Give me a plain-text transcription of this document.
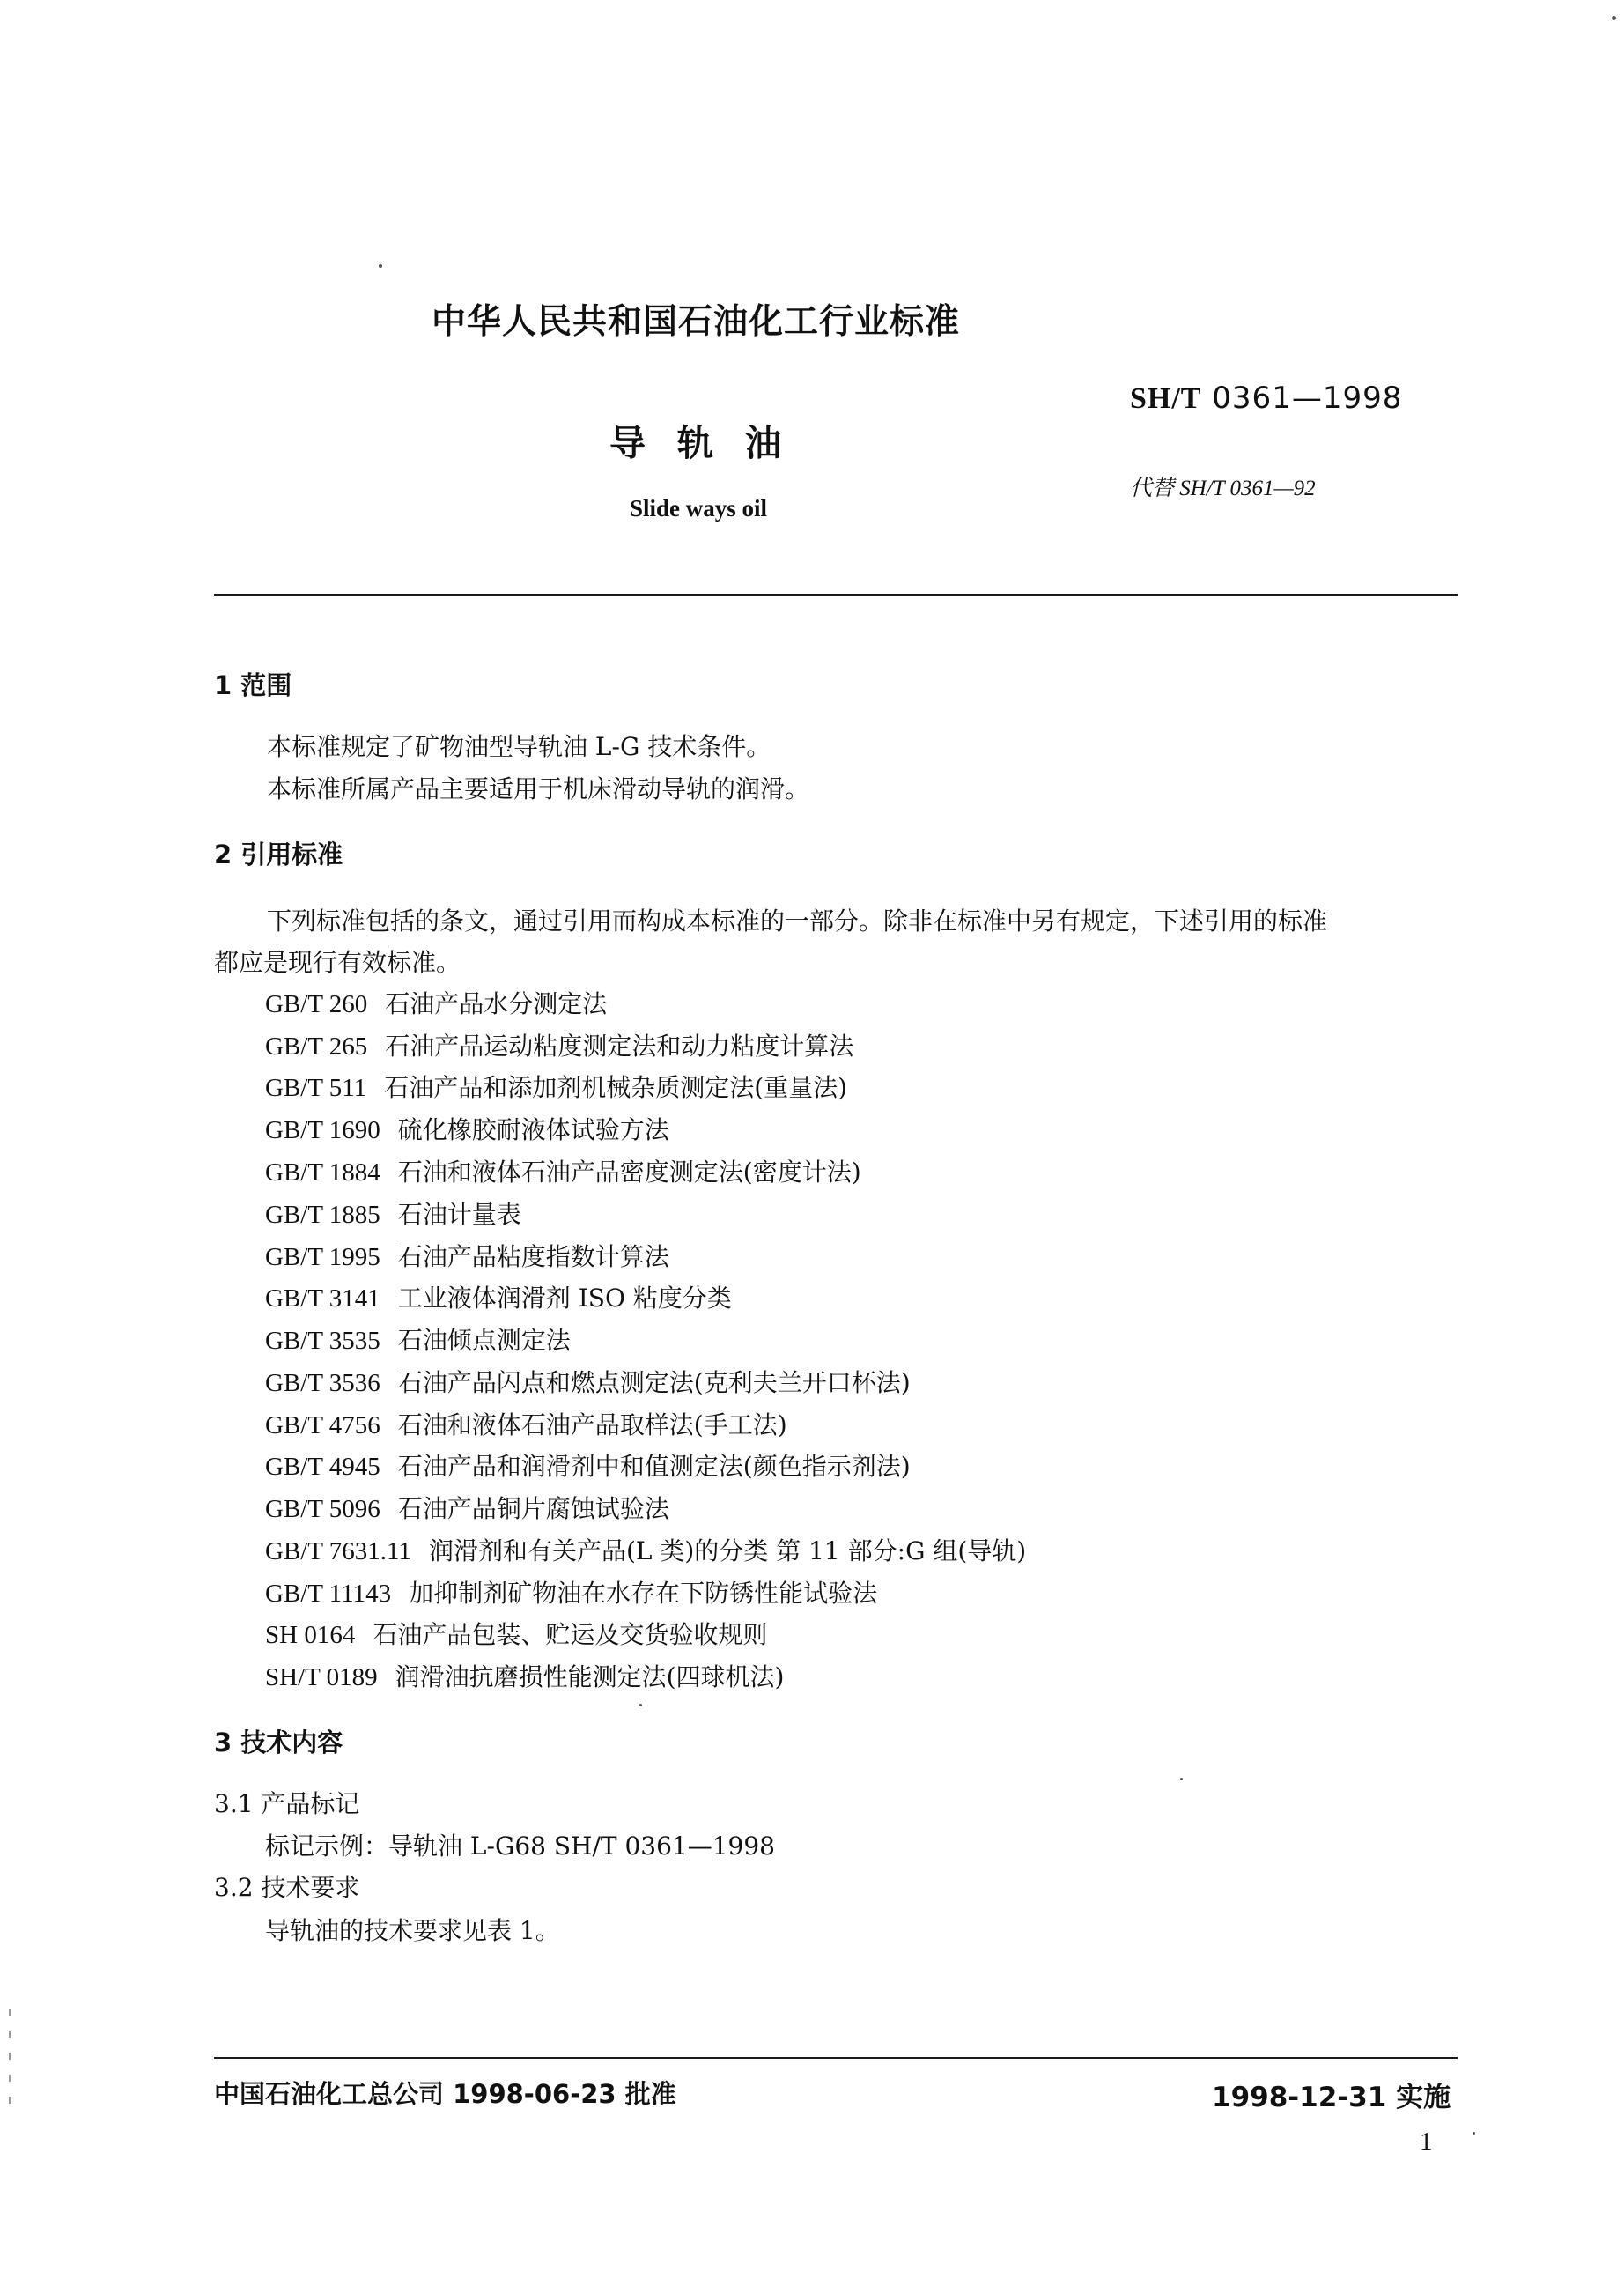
中华人民共和国石油化工行业标准
SH/T 0361—1998
导轨油
代替 SH/T 0361—92
Slide ways oil
1 范围
本标准规定了矿物油型导轨油 L-G 技术条件。
本标准所属产品主要适用于机床滑动导轨的润滑。
2 引用标准
下列标准包括的条文，通过引用而构成本标准的一部分。除非在标准中另有规定，下述引用的标准
都应是现行有效标准。
GB/T 260 石油产品水分测定法
GB/T 265 石油产品运动粘度测定法和动力粘度计算法
GB/T 511 石油产品和添加剂机械杂质测定法(重量法)
GB/T 1690 硫化橡胶耐液体试验方法
GB/T 1884 石油和液体石油产品密度测定法(密度计法)
GB/T 1885 石油计量表
GB/T 1995 石油产品粘度指数计算法
GB/T 3141 工业液体润滑剂 ISO 粘度分类
GB/T 3535 石油倾点测定法
GB/T 3536 石油产品闪点和燃点测定法(克利夫兰开口杯法)
GB/T 4756 石油和液体石油产品取样法(手工法)
GB/T 4945 石油产品和润滑剂中和值测定法(颜色指示剂法)
GB/T 5096 石油产品铜片腐蚀试验法
GB/T 7631.11 润滑剂和有关产品(L 类)的分类 第 11 部分:G 组(导轨)
GB/T 11143 加抑制剂矿物油在水存在下防锈性能试验法
SH 0164 石油产品包装、贮运及交货验收规则
SH/T 0189 润滑油抗磨损性能测定法(四球机法)
3 技术内容
3.1 产品标记
标记示例：导轨油 L-G68 SH/T 0361—1998
3.2 技术要求
导轨油的技术要求见表 1。
中国石油化工总公司 1998-06-23 批准	1998-12-31 实施
1
